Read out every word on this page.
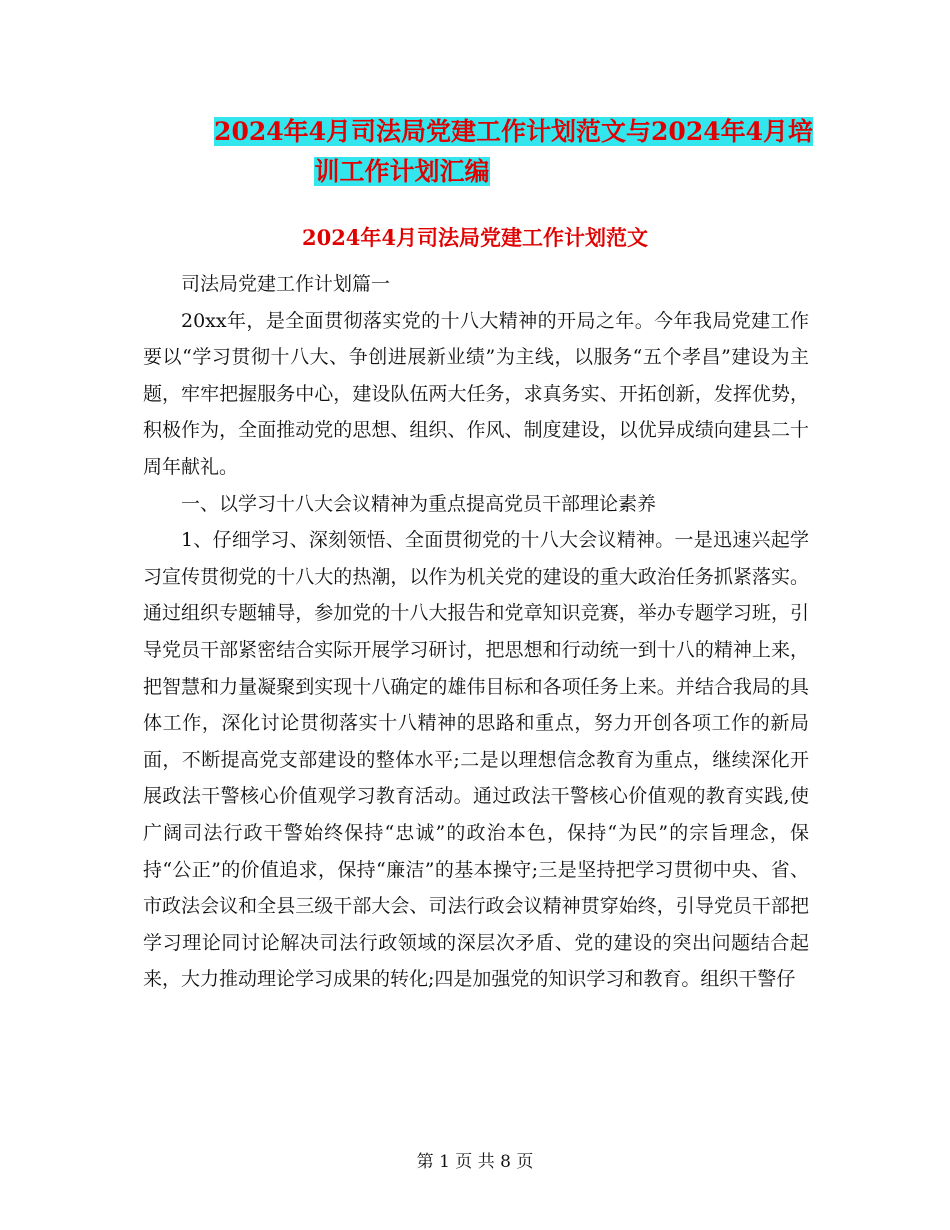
2024年4月司法局党建工作计划范文与2024年4月培
训工作计划汇编
2024年4月司法局党建工作计划范文

司法局党建工作计划篇一

20xx年，是全面贯彻落实党的十八大精神的开局之年。今年我局党建工作要以“学习贯彻十八大、争创进展新业绩”为主线，以服务“五个孝昌”建设为主题，牢牢把握服务中心，建设队伍两大任务，求真务实、开拓创新，发挥优势，积极作为，全面推动党的思想、组织、作风、制度建设，以优异成绩向建县二十周年献礼。

一、以学习十八大会议精神为重点提高党员干部理论素养

1、仔细学习、深刻领悟、全面贯彻党的十八大会议精神。一是迅速兴起学习宣传贯彻党的十八大的热潮，以作为机关党的建设的重大政治任务抓紧落实。通过组织专题辅导，参加党的十八大报告和党章知识竞赛，举办专题学习班，引导党员干部紧密结合实际开展学习研讨，把思想和行动统一到十八的精神上来，把智慧和力量凝聚到实现十八确定的雄伟目标和各项任务上来。并结合我局的具体工作，深化讨论贯彻落实十八精神的思路和重点，努力开创各项工作的新局面，不断提高党支部建设的整体水平;二是以理想信念教育为重点，继续深化开展政法干警核心价值观学习教育活动。通过政法干警核心价值观的教育实践,使广阔司法行政干警始终保持“忠诚”的政治本色，保持“为民”的宗旨理念，保持“公正”的价值追求，保持“廉洁”的基本操守;三是坚持把学习贯彻中央、省、市政法会议和全县三级干部大会、司法行政会议精神贯穿始终，引导党员干部把学习理论同讨论解决司法行政领域的深层次矛盾、党的建设的突出问题结合起来，大力推动理论学习成果的转化;四是加强党的知识学习和教育。组织干警仔

第 1 页 共 8 页
